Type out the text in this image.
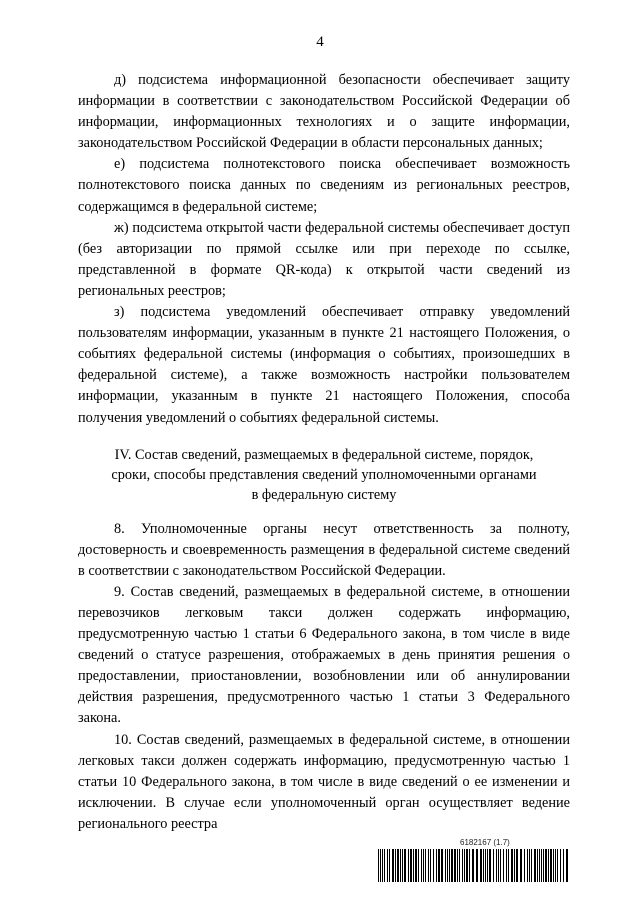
4

д) подсистема информационной безопасности обеспечивает защиту информации в соответствии с законодательством Российской Федерации об информации, информационных технологиях и о защите информации, законодательством Российской Федерации в области персональных данных;

е) подсистема полнотекстового поиска обеспечивает возможность полнотекстового поиска данных по сведениям из региональных реестров, содержащимся в федеральной системе;

ж) подсистема открытой части федеральной системы обеспечивает доступ (без авторизации по прямой ссылке или при переходе по ссылке, представленной в формате QR-кода) к открытой части сведений из региональных реестров;

з) подсистема уведомлений обеспечивает отправку уведомлений пользователям информации, указанным в пункте 21 настоящего Положения, о событиях федеральной системы (информация о событиях, произошедших в федеральной системе), а также возможность настройки пользователем информации, указанным в пункте 21 настоящего Положения, способа получения уведомлений о событиях федеральной системы.

IV. Состав сведений, размещаемых в федеральной системе, порядок,
сроки, способы представления сведений уполномоченными органами
в федеральную систему

8. Уполномоченные органы несут ответственность за полноту, достоверность и своевременность размещения в федеральной системе сведений в соответствии с законодательством Российской Федерации.

9. Состав сведений, размещаемых в федеральной системе, в отношении перевозчиков легковым такси должен содержать информацию, предусмотренную частью 1 статьи 6 Федерального закона, в том числе в виде сведений о статусе разрешения, отображаемых в день принятия решения о предоставлении, приостановлении, возобновлении или об аннулировании действия разрешения, предусмотренного частью 1 статьи 3 Федерального закона.

10. Состав сведений, размещаемых в федеральной системе, в отношении легковых такси должен содержать информацию, предусмотренную частью 1 статьи 10 Федерального закона, в том числе в виде сведений о ее изменении и исключении. В случае если уполномоченный орган осуществляет ведение регионального реестра

6182167 (1.7)
